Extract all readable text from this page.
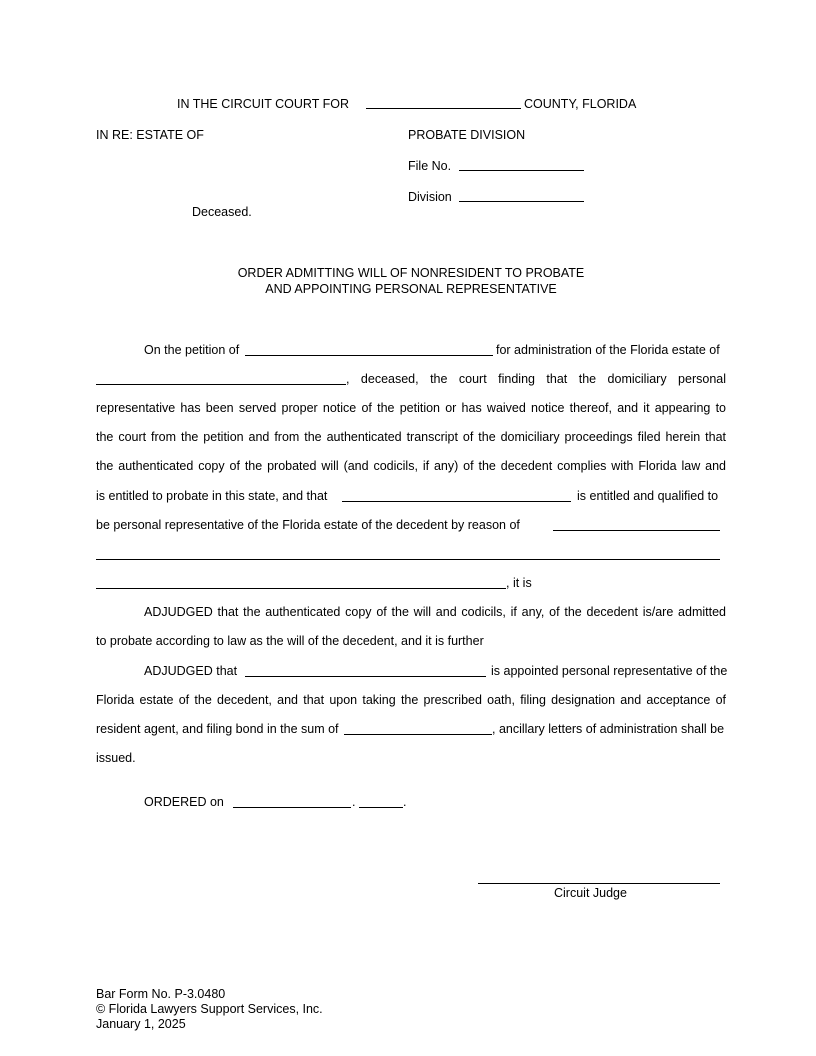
IN THE CIRCUIT COURT FOR	COUNTY, FLORIDA
IN RE: ESTATE OF	PROBATE DIVISION
File No.
Division
Deceased.
ORDER ADMITTING WILL OF NONRESIDENT TO PROBATE
AND APPOINTING PERSONAL REPRESENTATIVE
On the petition of	for administration of the Florida estate of
, deceased, the court finding that the domiciliary personal
representative has been served proper notice of the petition or has waived notice thereof, and it appearing to
the court from the petition and from the authenticated transcript of the domiciliary proceedings filed herein that
the authenticated copy of the probated will (and codicils, if any) of the decedent complies with Florida law and
is entitled to probate in this state, and that	is entitled and qualified to
be personal representative of the Florida estate of the decedent by reason of
, it is
ADJUDGED that the authenticated copy of the will and codicils, if any, of the decedent is/are admitted
to probate according to law as the will of the decedent, and it is further
ADJUDGED that	is appointed personal representative of the
Florida estate of the decedent, and that upon taking the prescribed oath, filing designation and acceptance of
resident agent, and filing bond in the sum of	, ancillary letters of administration shall be
issued.
ORDERED on	.	.
Circuit Judge
Bar Form No. P-3.0480
© Florida Lawyers Support Services, Inc.
January 1, 2025
